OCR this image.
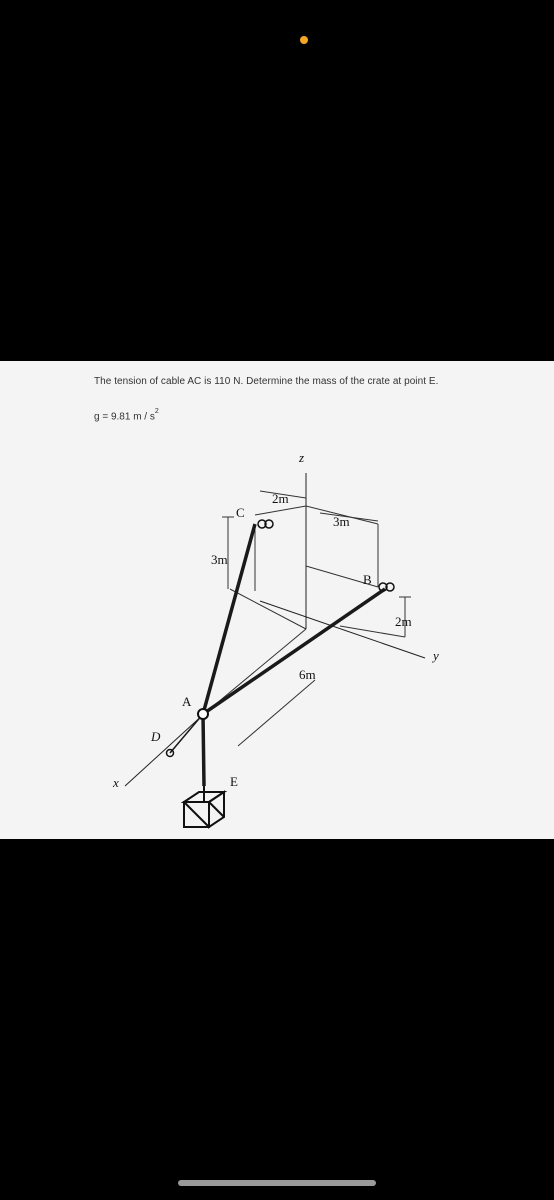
The tension of cable AC is 110 N. Determine the mass of the crate at point E.
g = 9.81 m / $s^2$
z
2m
C
3m
3m
B
2m
y
6m
A
D
x	E
